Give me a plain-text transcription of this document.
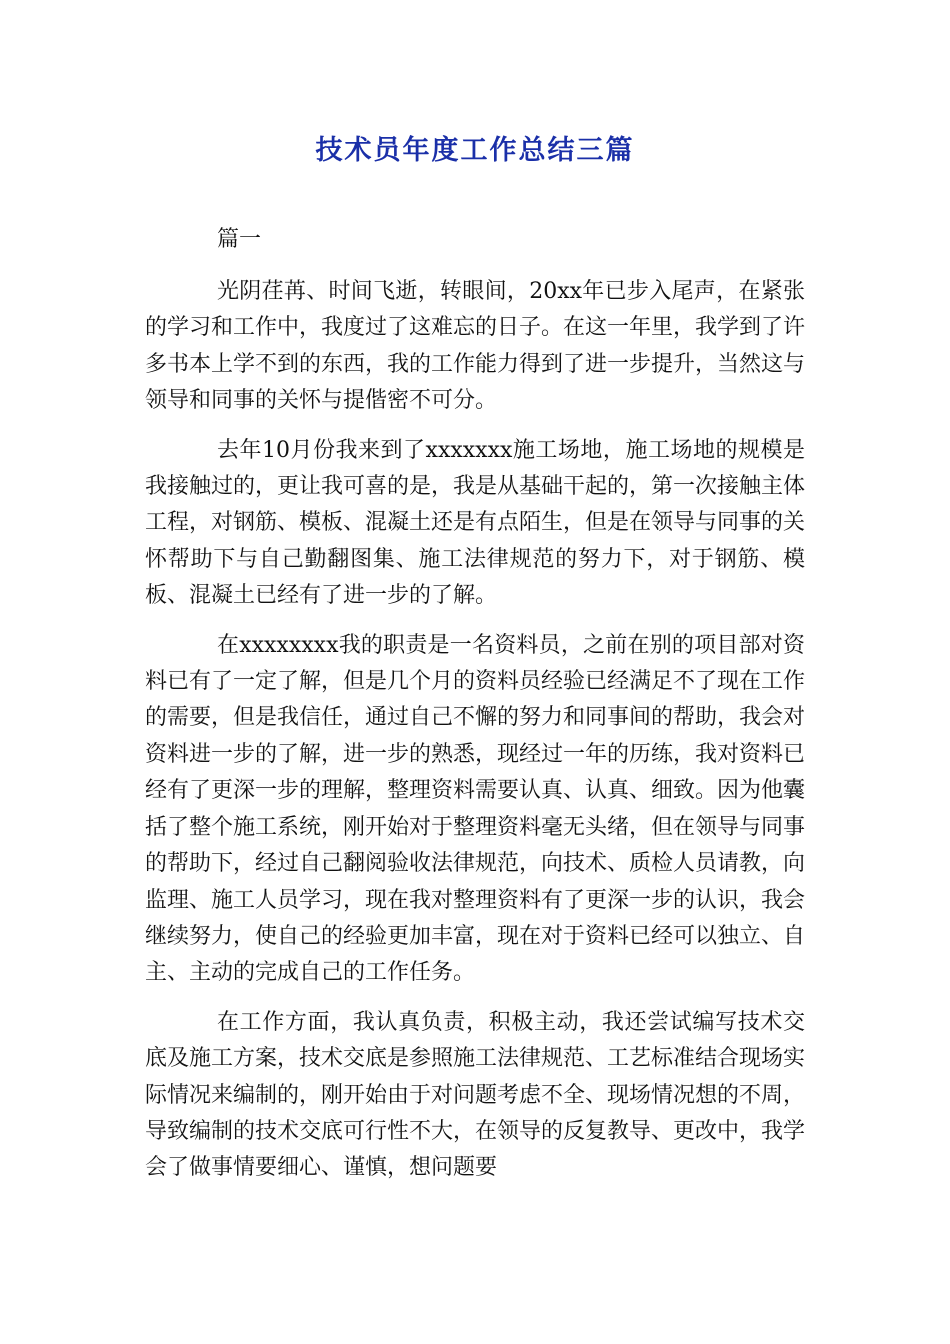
技术员年度工作总结三篇

篇一

光阴荏苒、时间飞逝，转眼间，20xx年已步入尾声，在紧张的学习和工作中，我度过了这难忘的日子。在这一年里，我学到了许多书本上学不到的东西，我的工作能力得到了进一步提升，当然这与领导和同事的关怀与提偕密不可分。

去年10月份我来到了xxxxxxx施工场地，施工场地的规模是我接触过的，更让我可喜的是，我是从基础干起的，第一次接触主体工程，对钢筋、模板、混凝土还是有点陌生，但是在领导与同事的关怀帮助下与自己勤翻图集、施工法律规范的努力下，对于钢筋、模板、混凝土已经有了进一步的了解。

在xxxxxxxx我的职责是一名资料员，之前在别的项目部对资料已有了一定了解，但是几个月的资料员经验已经满足不了现在工作的需要，但是我信任，通过自己不懈的努力和同事间的帮助，我会对资料进一步的了解，进一步的熟悉，现经过一年的历练，我对资料已经有了更深一步的理解，整理资料需要认真、认真、细致。因为他囊括了整个施工系统，刚开始对于整理资料毫无头绪，但在领导与同事的帮助下，经过自己翻阅验收法律规范，向技术、质检人员请教，向监理、施工人员学习，现在我对整理资料有了更深一步的认识，我会继续努力，使自己的经验更加丰富，现在对于资料已经可以独立、自主、主动的完成自己的工作任务。

在工作方面，我认真负责，积极主动，我还尝试编写技术交底及施工方案，技术交底是参照施工法律规范、工艺标准结合现场实际情况来编制的，刚开始由于对问题考虑不全、现场情况想的不周，导致编制的技术交底可行性不大，在领导的反复教导、更改中，我学会了做事情要细心、谨慎，想问题要
